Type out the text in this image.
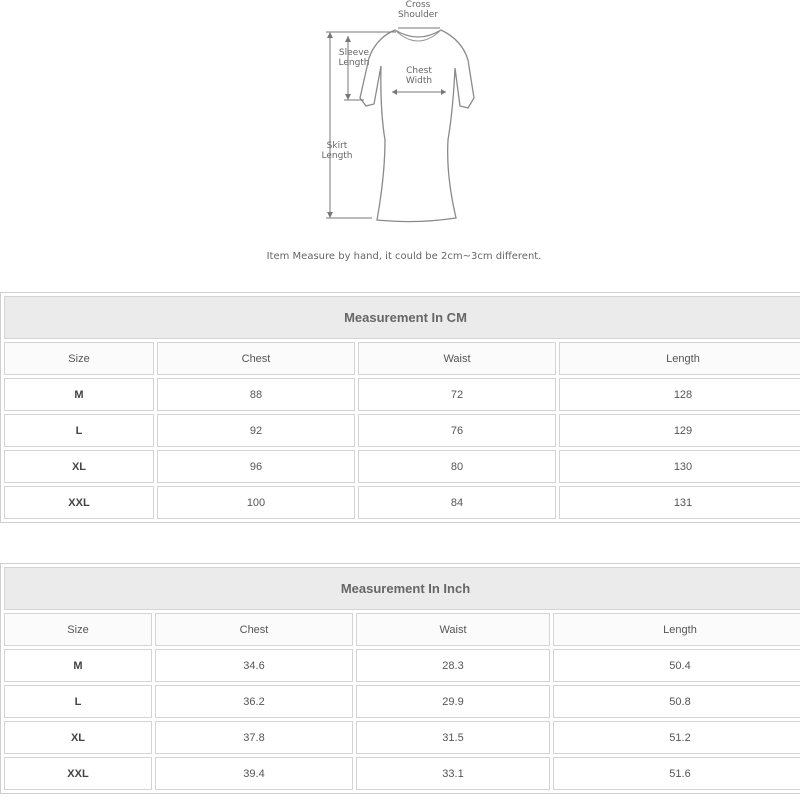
Cross
Shoulder
Sleeve
Length
Chest
Width
Skirt
Length
Item Measure by hand, it could be 2cm~3cm different.
Measurement In CM			
Size	Chest	Waist	Length
M	88	72	128
L	92	76	129
XL	96	80	130
XXL	100	84	131
Measurement In Inch			
Size	Chest	Waist	Length
M	34.6	28.3	50.4
L	36.2	29.9	50.8
XL	37.8	31.5	51.2
XXL	39.4	33.1	51.6
